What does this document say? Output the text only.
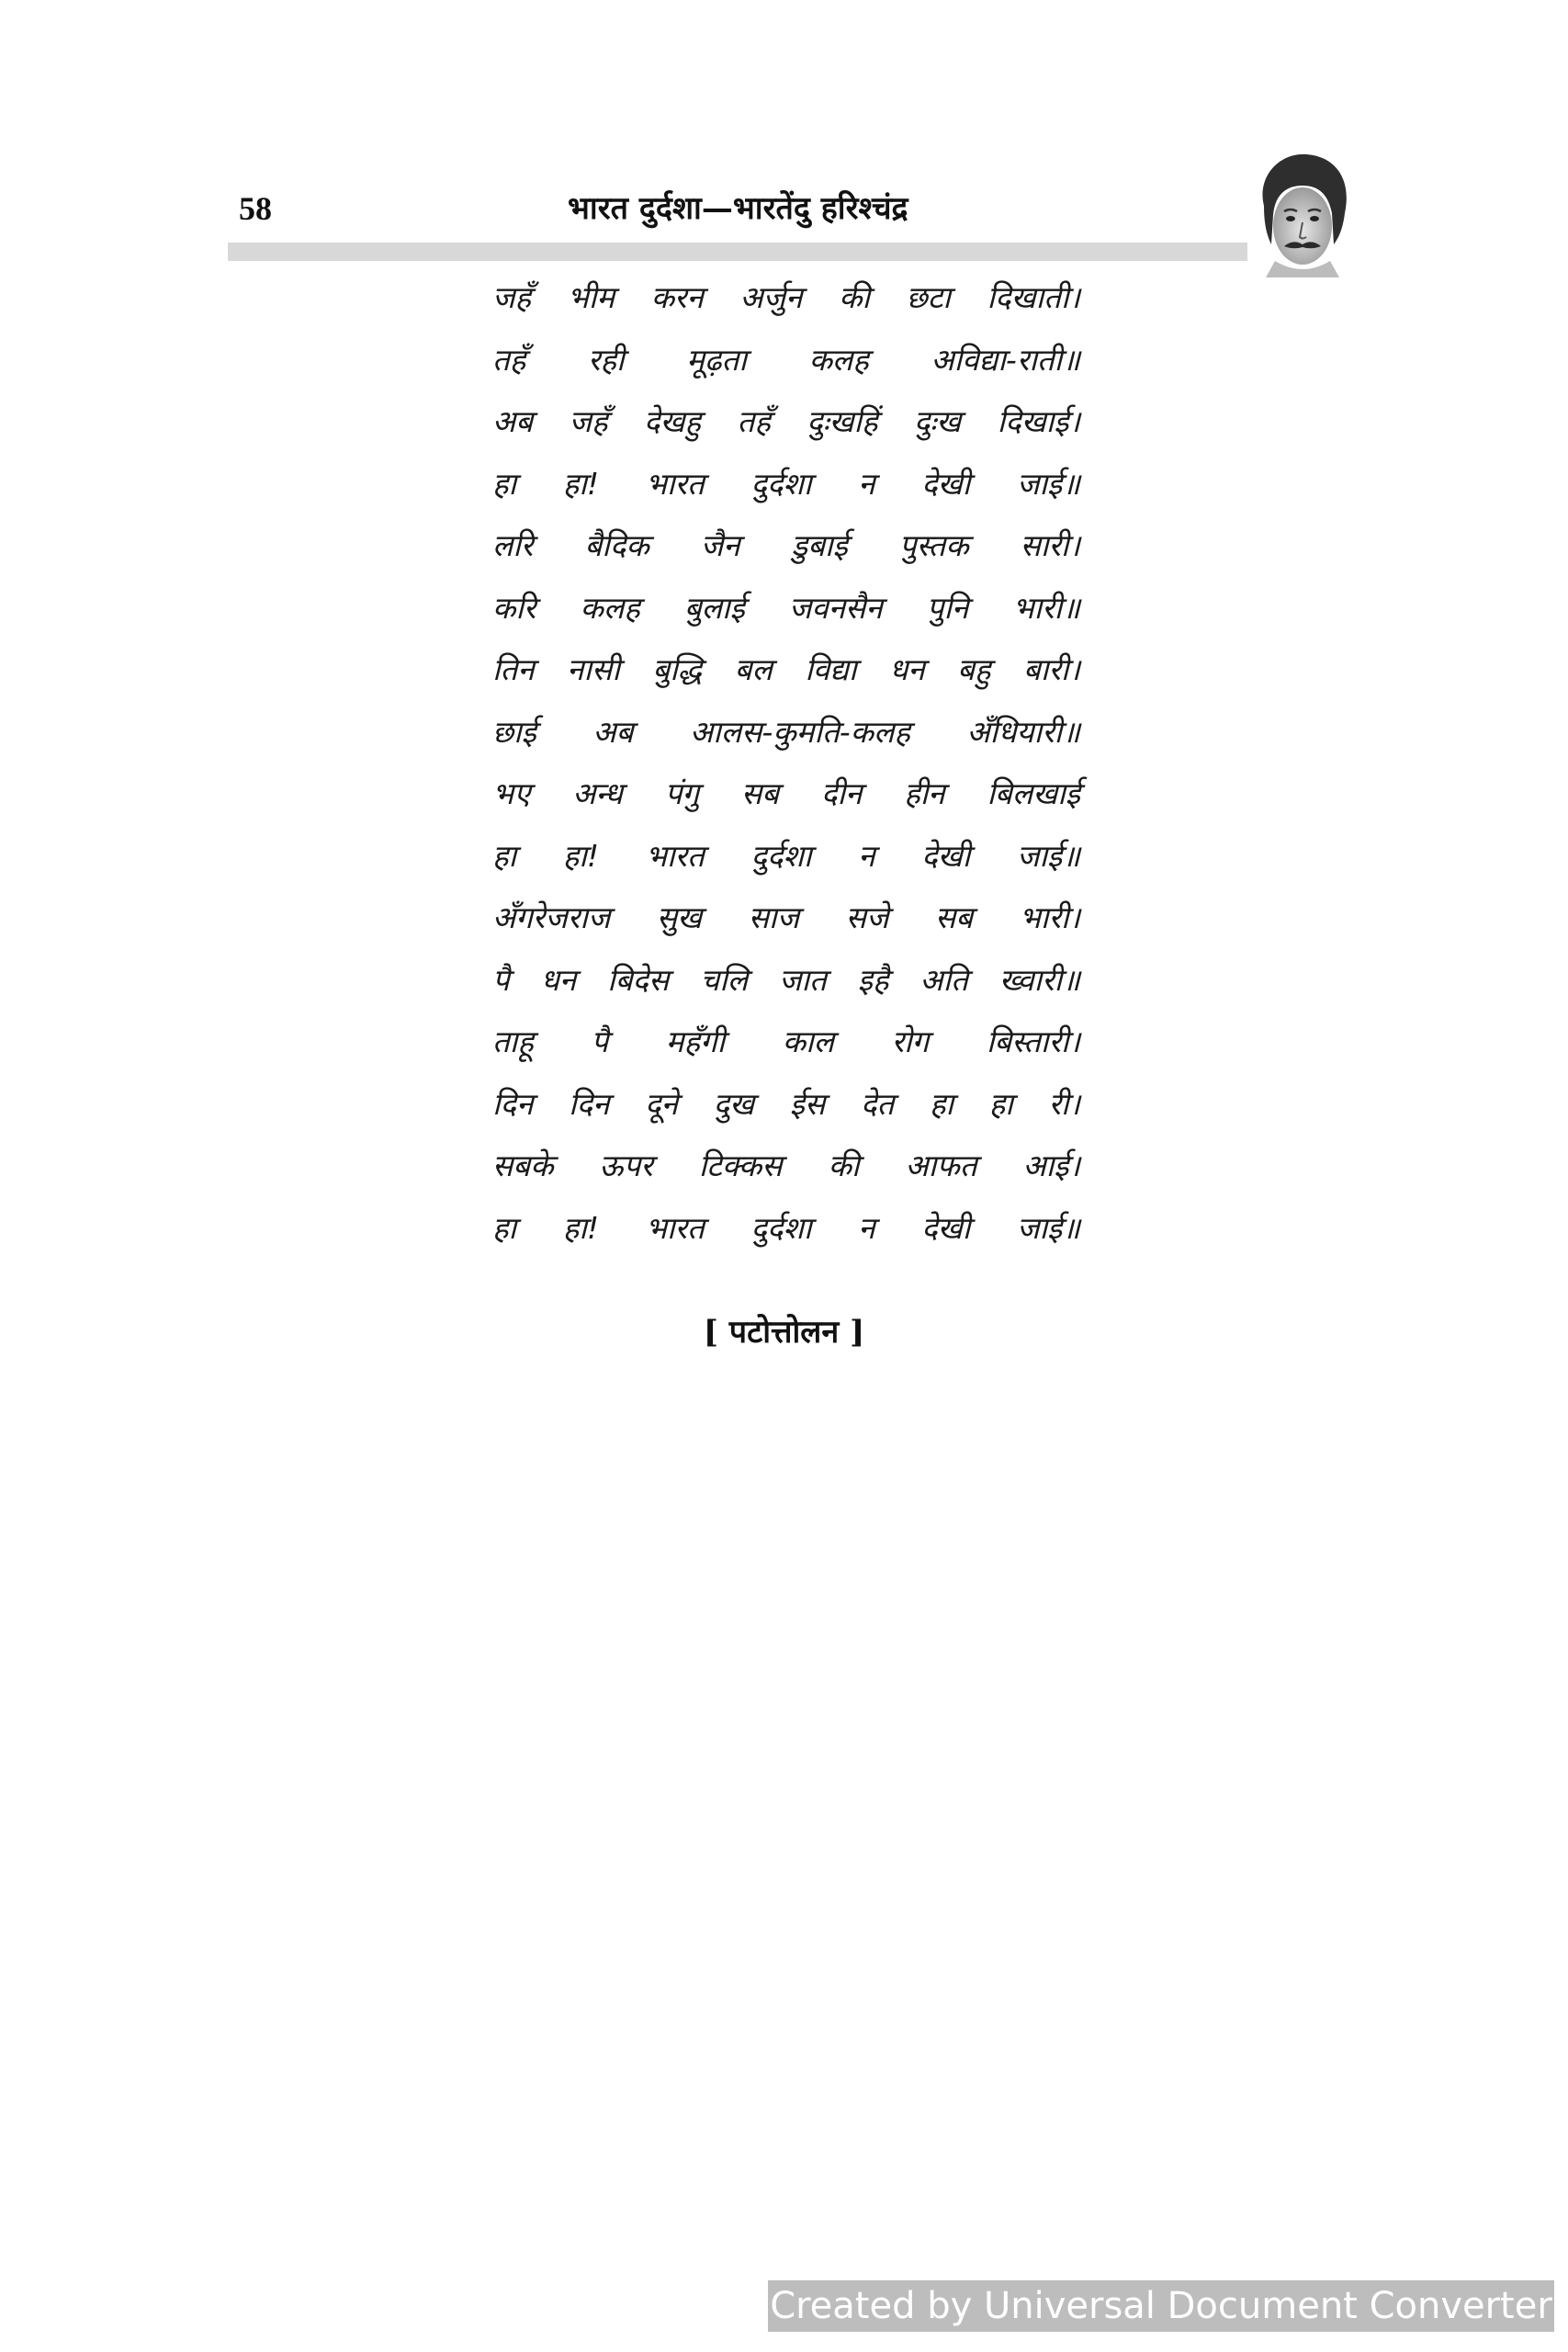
58	भारत दुर्दशा—भारतेंदु हरिश्चंद्र
जहँ भीम करन अर्जुन की छटा दिखाती।
तहँ रही मूढ़ता कलह अविद्या-राती॥
अब जहँ देखहु तहँ दुःखहिं दुःख दिखाई।
हा हा! भारत दुर्दशा न देखी जाई॥
लरि बैदिक जैन डुबाई पुस्तक सारी।
करि कलह बुलाई जवनसैन पुनि भारी॥
तिन नासी बुद्धि बल विद्या धन बहु बारी।
छाई अब आलस-कुमति-कलह अँधियारी॥
भए अन्ध पंगु सब दीन हीन बिलखाई
हा हा! भारत दुर्दशा न देखी जाई॥
अँगरेजराज सुख साज सजे सब भारी।
पै धन बिदेस चलि जात इहै अति ख्वारी॥
ताहू पै महँगी काल रोग बिस्तारी।
दिन दिन दूने दुख ईस देत हा हा री।
सबके ऊपर टिक्कस की आफत आई।
हा हा! भारत दुर्दशा न देखी जाई॥
[ पटोत्तोलन ]
Created by Universal Document Converter
